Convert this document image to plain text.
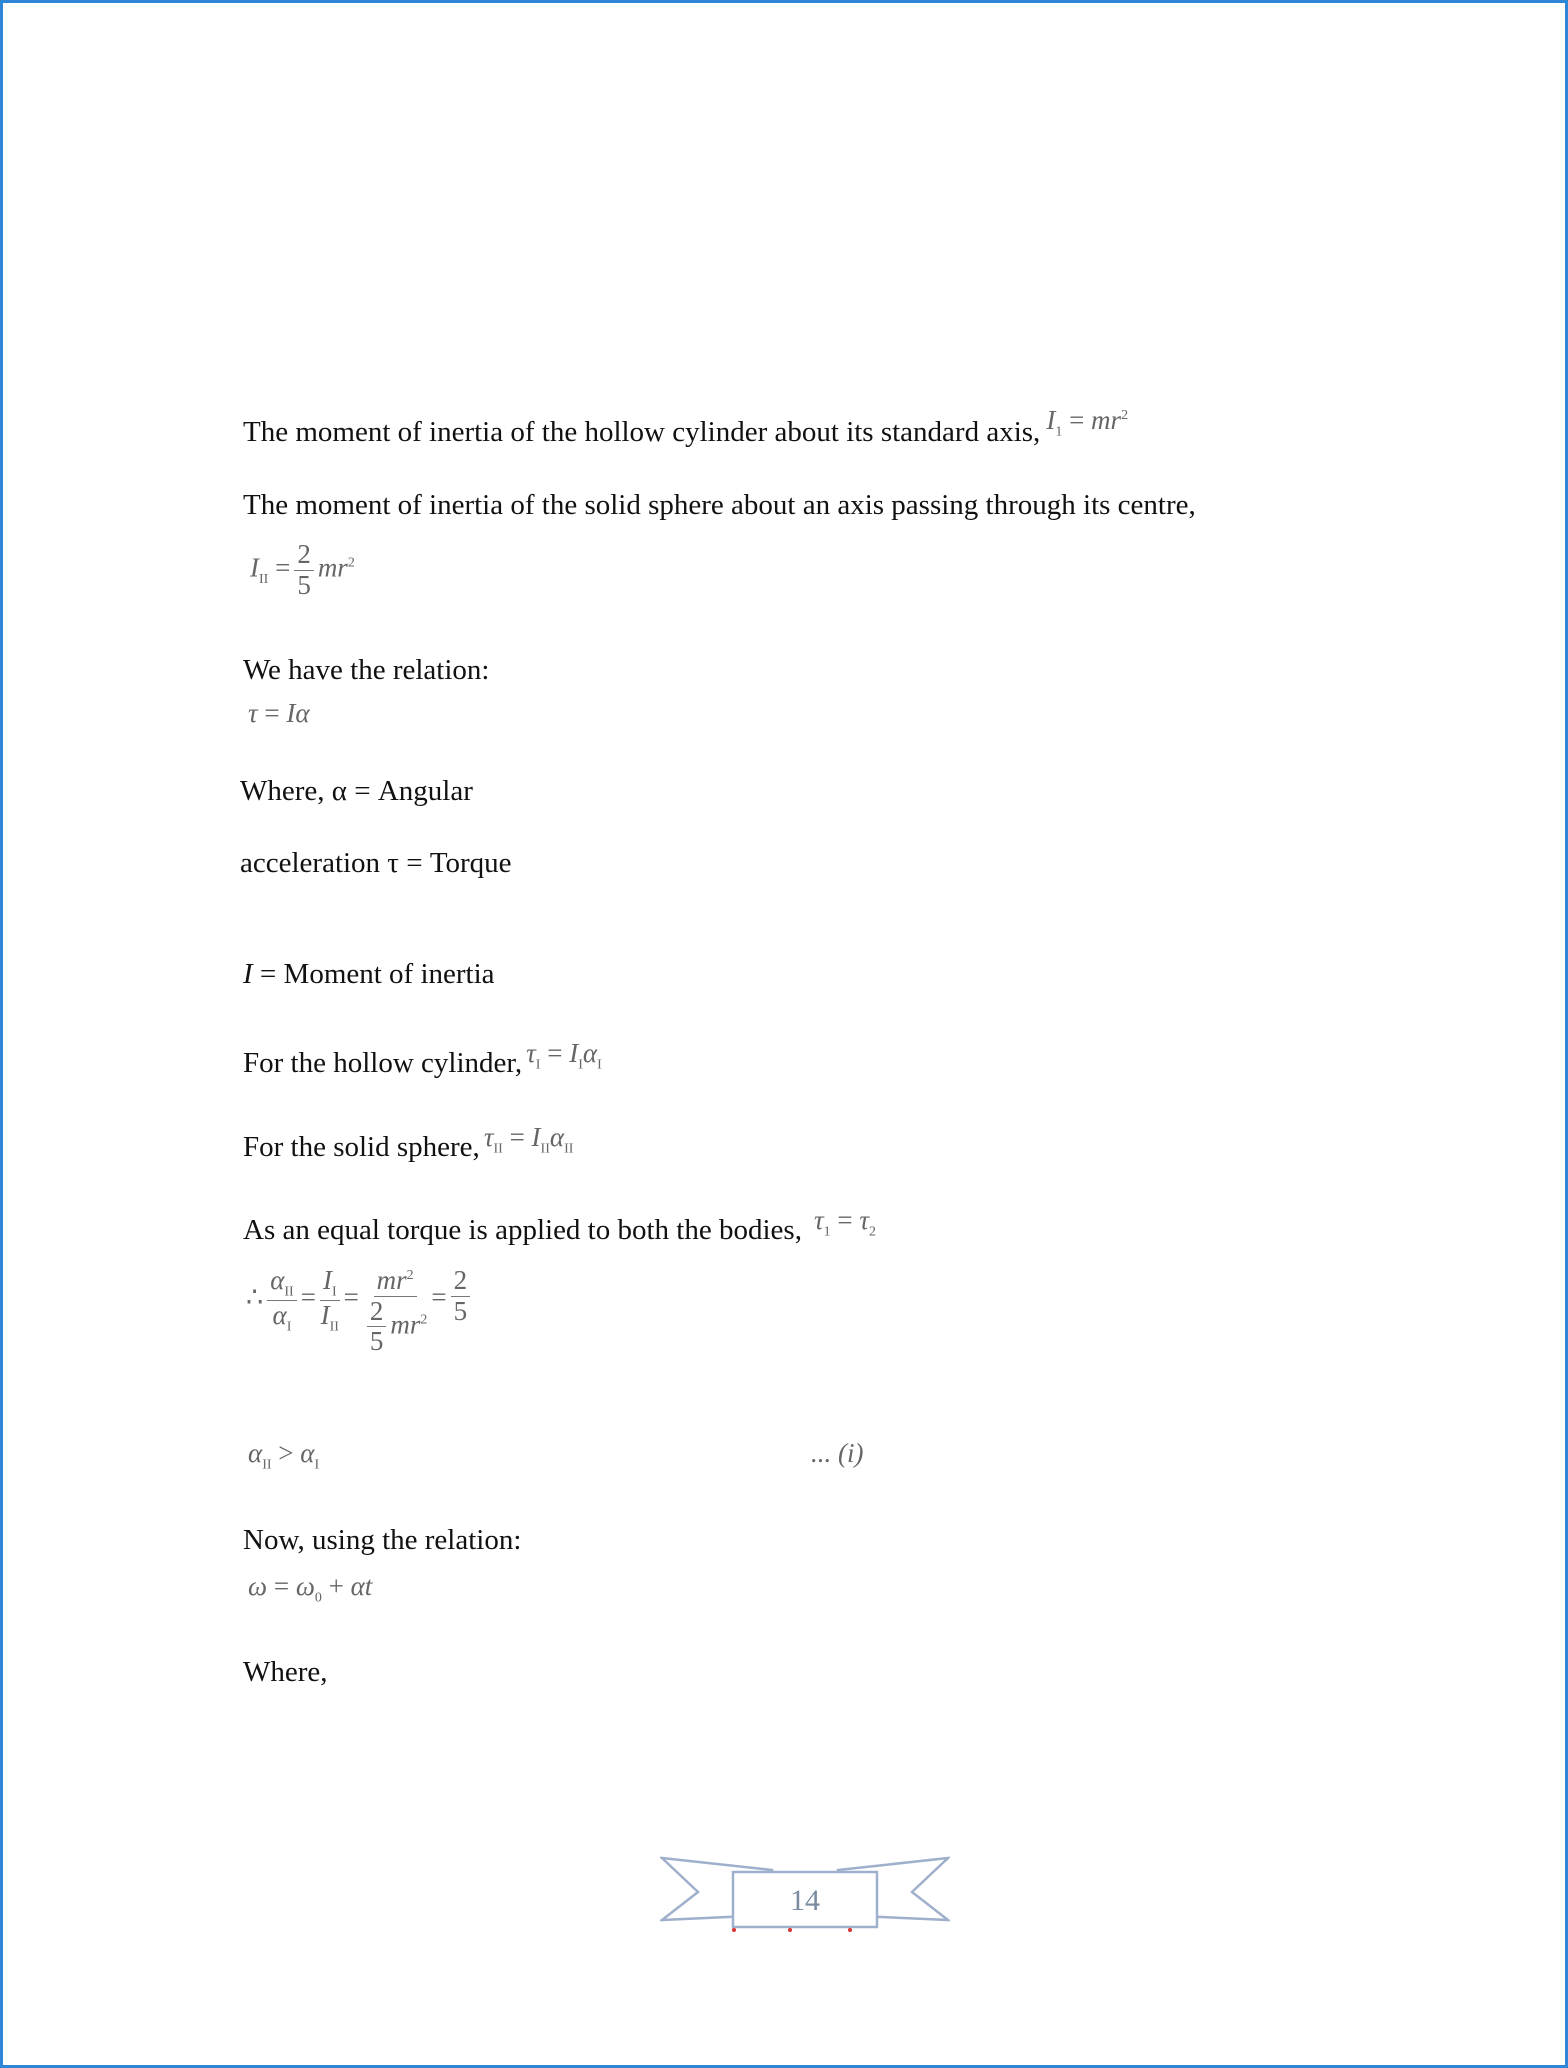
The moment of inertia of the hollow cylinder about its standard axis, $I_1 = mr^2$
The moment of inertia of the solid sphere about an axis passing through its centre,
$I_{II} = \frac{2}{5} mr^2$
We have the relation:
τ = Iα
Where, α = Angular
acceleration τ = Torque
I = Moment of inertia
For the hollow cylinder, $\tau_I = I_I\alpha_I$
For the solid sphere, $\tau_{II} = I_{II}\alpha_{II}$
As an equal torque is applied to both the bodies, $\tau_1 = \tau_2$
∴ $\frac{\alpha_{II}}{\alpha_I} = \frac{I_I}{I_{II}} = \frac{mr^2}{\frac{2}{5} mr^2} = \frac{2}{5}$
$\alpha_{II} > \alpha_I$	... (i)
Now, using the relation:
$\omega = \omega_0 + \alpha t$
Where,
14
